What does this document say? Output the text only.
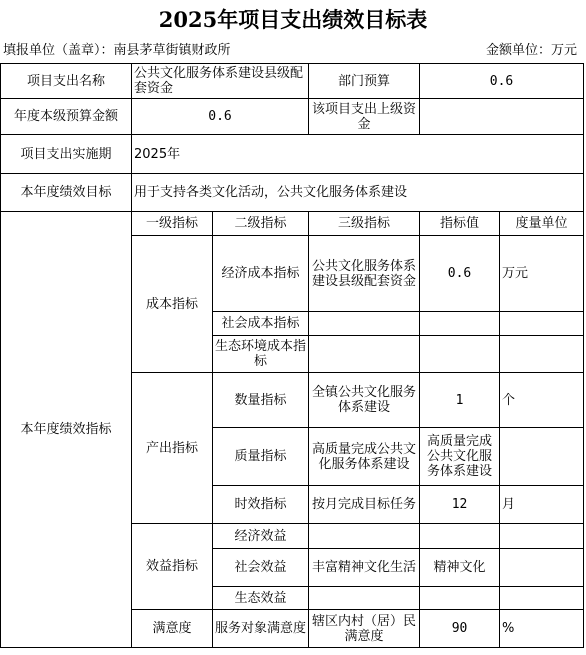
2025年项目支出绩效目标表
填报单位（盖章）：南县茅草街镇财政所	金额单位：万元
项目支出名称	公共文化服务体系建设县级配套资金		部门预算	0.6	
年度本级预算金额	0.6		该项目支出上级资金		
项目支出实施期	2025年				
本年度绩效目标	用于支持各类文化活动，公共文化服务体系建设				
本年度绩效指标	一级指标	二级指标	三级指标	指标值	度量单位
	成本指标	经济成本指标	公共文化服务体系建设县级配套资金	0.6	万元
		社会成本指标			
		生态环境成本指标			
	产出指标	数量指标	全镇公共文化服务体系建设	1	个
		质量指标	高质量完成公共文化服务体系建设	高质量完成公共文化服务体系建设	
		时效指标	按月完成目标任务	12	月
	效益指标	经济效益			
		社会效益	丰富精神文化生活	精神文化	
		生态效益			
	满意度	服务对象满意度	辖区内村（居）民满意度	90	%
